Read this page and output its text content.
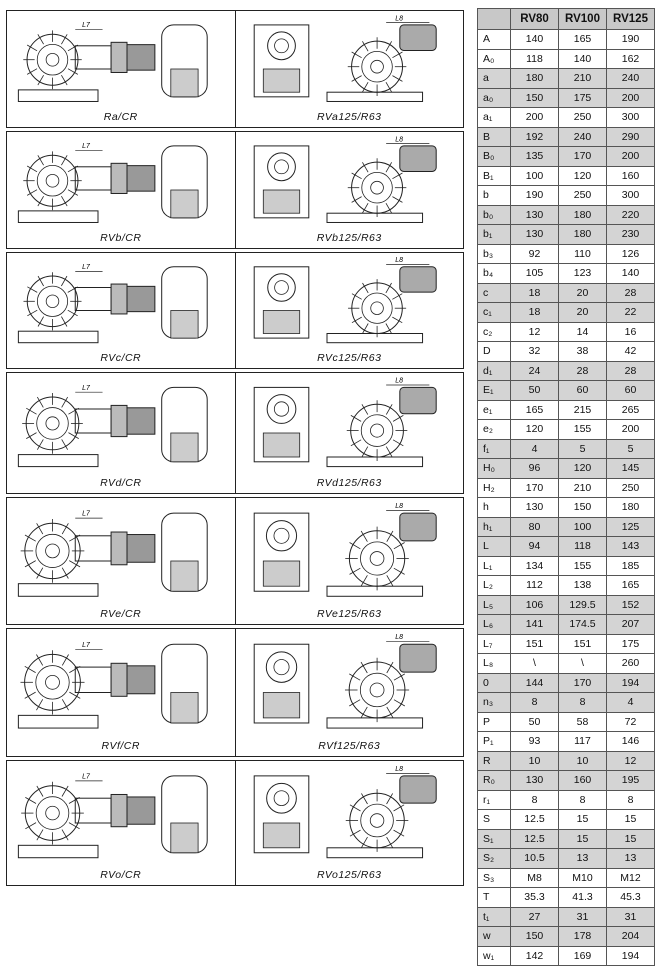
L7
Ra/CR
L8
RVa125/R63
L7
RVb/CR
L8
RVb125/R63
L7
RVc/CR
L8
RVc125/R63
L7
RVd/CR
L8
RVd125/R63
L7
RVe/CR
L8
RVe125/R63
L7
RVf/CR
L8
RVf125/R63
L7
RVo/CR
L8
RVo125/R63
	RV80	RV100	RV125
A	140	165	190
A₀	118	140	162
a	180	210	240
a₀	150	175	200
a₁	200	250	300
B	192	240	290
B₀	135	170	200
B₁	100	120	160
b	190	250	300
b₀	130	180	220
b₁	130	180	230
b₃	92	110	126
b₄	105	123	140
c	18	20	28
c₁	18	20	22
c₂	12	14	16
D	32	38	42
d₁	24	28	28
E₁	50	60	60
e₁	165	215	265
e₂	120	155	200
f₁	4	5	5
H₀	96	120	145
H₂	170	210	250
h	130	150	180
h₁	80	100	125
L	94	118	143
L₁	134	155	185
L₂	112	138	165
L₅	106	129.5	152
L₆	141	174.5	207
L₇	151	151	175
L₈	\	\	260
0	144	170	194
n₃	8	8	4
P	50	58	72
P₁	93	117	146
R	10	10	12
R₀	130	160	195
r₁	8	8	8
S	12.5	15	15
S₁	12.5	15	15
S₂	10.5	13	13
S₃	M8	M10	M12
T	35.3	41.3	45.3
t₁	27	31	31
w	150	178	204
w₁	142	169	194
